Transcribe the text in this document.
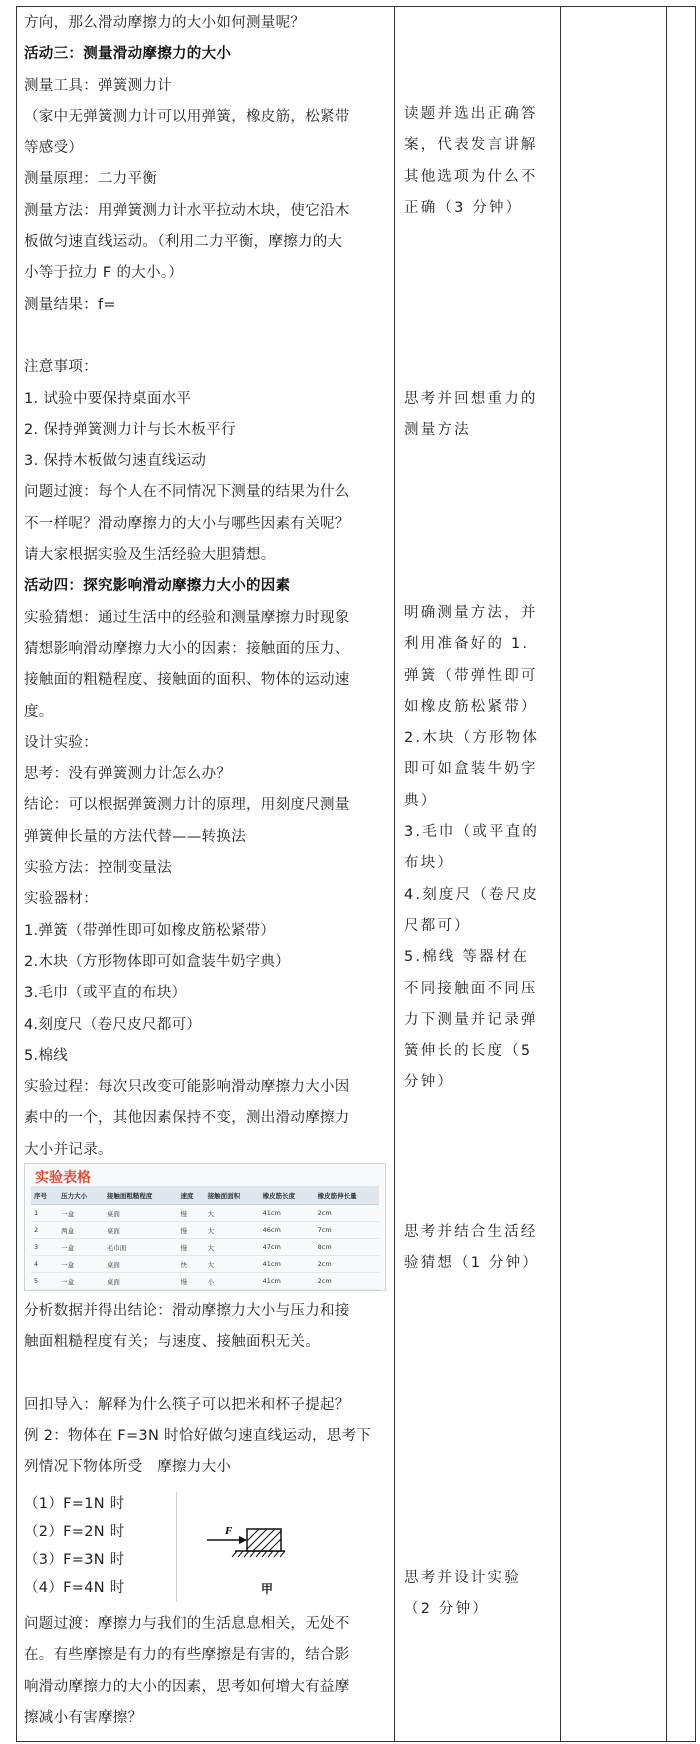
方向，那么滑动摩擦力的大小如何测量呢？
活动三：测量滑动摩擦力的大小
测量工具：弹簧测力计
（家中无弹簧测力计可以用弹簧，橡皮筋，松紧带
等感受）
测量原理：二力平衡
测量方法：用弹簧测力计水平拉动木块，使它沿木
板做匀速直线运动。（利用二力平衡，摩擦力的大
小等于拉力 F 的大小。）
测量结果：f=
注意事项：
1. 试验中要保持桌面水平
2. 保持弹簧测力计与长木板平行
3. 保持木板做匀速直线运动
问题过渡：每个人在不同情况下测量的结果为什么
不一样呢？滑动摩擦力的大小与哪些因素有关呢？
请大家根据实验及生活经验大胆猜想。
活动四：探究影响滑动摩擦力大小的因素
实验猜想：通过生活中的经验和测量摩擦力时现象
猜想影响滑动摩擦力大小的因素：接触面的压力、
接触面的粗糙程度、接触面的面积、物体的运动速
度。
设计实验：
思考：没有弹簧测力计怎么办？
结论：可以根据弹簧测力计的原理，用刻度尺测量
弹簧伸长量的方法代替——转换法
实验方法：控制变量法
实验器材：
1.弹簧（带弹性即可如橡皮筋松紧带）
2.木块（方形物体即可如盒装牛奶字典）
3.毛巾（或平直的布块）
4.刻度尺（卷尺皮尺都可）
5.棉线
实验过程：每次只改变可能影响滑动摩擦力大小因
素中的一个，其他因素保持不变，测出滑动摩擦力
大小并记录。
实验表格
序号	压力大小	接触面粗糙程度	速度	接触面面积	橡皮筋长度	橡皮筋伸长量
1	一盒	桌面	慢	大	41cm	2cm
2	两盒	桌面	慢	大	46cm	7cm
3	一盒	毛巾面	慢	大	47cm	8cm
4	一盒	桌面	快	大	41cm	2cm
5	一盒	桌面	慢	小	41cm	2cm
分析数据并得出结论：滑动摩擦力大小与压力和接
触面粗糙程度有关；与速度、接触面积无关。
回扣导入：解释为什么筷子可以把米和杯子提起？
例 2：物体在 F=3N 时恰好做匀速直线运动，思考下
列情况下物体所受　摩擦力大小
（1）F=1N 时
（2）F=2N 时
（3）F=3N 时
（4）F=4N 时
F
甲
问题过渡：摩擦力与我们的生活息息相关，无处不
在。有些摩擦是有力的有些摩擦是有害的，结合影
响滑动摩擦力的大小的因素，思考如何增大有益摩
擦减小有害摩擦？
读题并选出正确答
案，代表发言讲解
其他选项为什么不
正确（3 分钟）
思考并回想重力的
测量方法
明确测量方法，并
利用准备好的 1.
弹簧（带弹性即可
如橡皮筋松紧带）
2.木块（方形物体
即可如盒装牛奶字
典）
3.毛巾（或平直的
布块）
4.刻度尺（卷尺皮
尺都可）
5.棉线 等器材在
不同接触面不同压
力下测量并记录弹
簧伸长的长度（5
分钟）
思考并结合生活经
验猜想（1 分钟）
思考并设计实验
（2 分钟）
